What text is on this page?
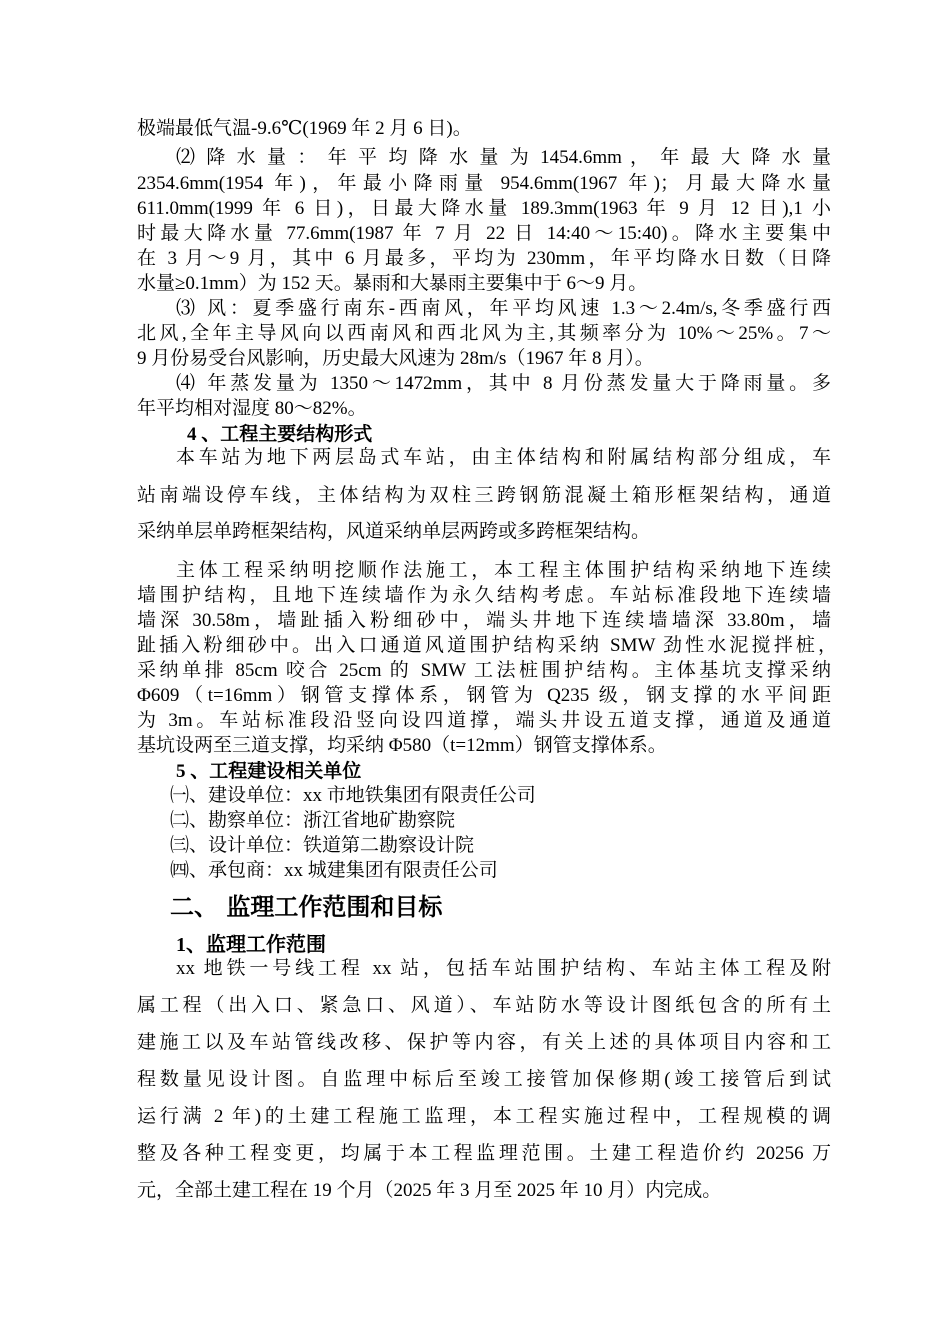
极端最低气温-9.6℃(1969 年 2 月 6 日)。

⑵ 降 水 量 ： 年 平 均 降 水 量 为 1454.6mm ， 年 最 大 降 水 量

2354.6mm(1954 年)，年最小降雨量 954.6mm(1967 年)；月最大降水量

611.0mm(1999 年 6 日)，日最大降水量 189.3mm(1963 年 9 月 12 日),1 小

时最大降水量 77.6mm(1987 年 7 月 22 日 14:40～15:40)。降水主要集中

在 3 月～9 月，其中 6 月最多，平均为 230mm，年平均降水日数（日降

水量≥0.1mm）为 152 天。暴雨和大暴雨主要集中于 6～9 月。

⑶ 风：夏季盛行南东-西南风，年平均风速 1.3～2.4m/s,冬季盛行西

北风,全年主导风向以西南风和西北风为主,其频率分为 10%～25%。7～

9 月份易受台风影响，历史最大风速为 28m/s（1967 年 8 月）。

⑷ 年蒸发量为 1350～1472mm，其中 8 月份蒸发量大于降雨量。多

年平均相对湿度 80～82%。

4 、工程主要结构形式

本车站为地下两层岛式车站，由主体结构和附属结构部分组成，车

站南端设停车线，主体结构为双柱三跨钢筋混凝土箱形框架结构，通道

采纳单层单跨框架结构，风道采纳单层两跨或多跨框架结构。

主体工程采纳明挖顺作法施工，本工程主体围护结构采纳地下连续

墙围护结构，且地下连续墙作为永久结构考虑。车站标准段地下连续墙

墙深 30.58m，墙趾插入粉细砂中，端头井地下连续墙墙深 33.80m，墙

趾插入粉细砂中。出入口通道风道围护结构采纳 SMW 劲性水泥搅拌桩，

采纳单排 85cm 咬合 25cm 的 SMW 工法桩围护结构。主体基坑支撑采纳

Φ609（t=16mm）钢管支撑体系，钢管为 Q235 级，钢支撑的水平间距

为 3m。车站标准段沿竖向设四道撑，端头井设五道支撑，通道及通道

基坑设两至三道支撑，均采纳 Φ580（t=12mm）钢管支撑体系。

5 、工程建设相关单位

㈠、建设单位：xx 市地铁集团有限责任公司

㈡、勘察单位：浙江省地矿勘察院

㈢、设计单位：铁道第二勘察设计院

㈣、承包商：xx 城建集团有限责任公司

二、 监理工作范围和目标

1、监理工作范围

xx 地铁一号线工程 xx 站，包括车站围护结构、车站主体工程及附

属工程（出入口、紧急口、风道）、车站防水等设计图纸包含的所有土

建施工以及车站管线改移、保护等内容，有关上述的具体项目内容和工

程数量见设计图。自监理中标后至竣工接管加保修期(竣工接管后到试

运行满 2 年)的土建工程施工监理，本工程实施过程中，工程规模的调

整及各种工程变更，均属于本工程监理范围。土建工程造价约 20256 万

元，全部土建工程在 19 个月（2025 年 3 月至 2025 年 10 月）内完成。
